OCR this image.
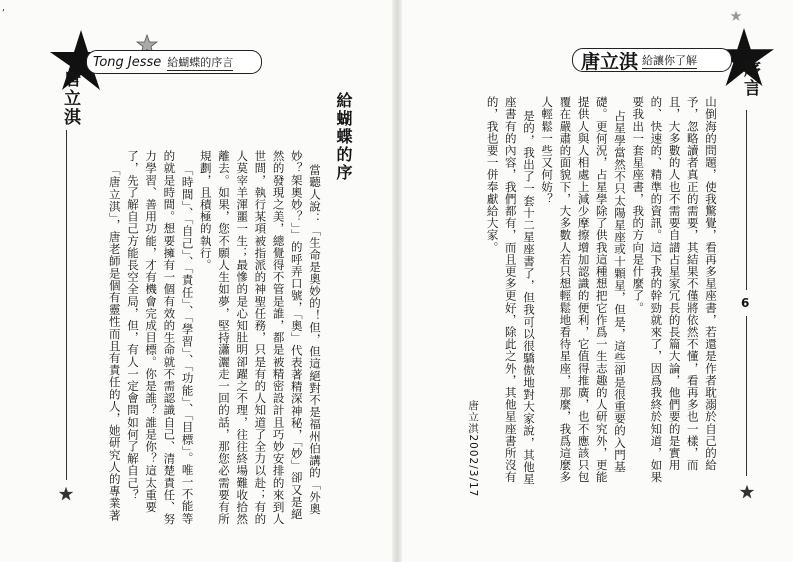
,
Tong Jesse 給蝴蝶的序言
唐立淇	給蝴蝶的序

當聽人說：「生命是奧妙的！但，但這絕對不是福州伯講的「外奧妙？架奧妙？」」的呼弄口號，「奧」代表著精深神秘，「妙」卻又是絕然的發現之美，總覺得不管是誰，都是被精密設計且巧妙安排的來到人世間，執行某項被指派的神聖任務，只是有的人知道了全力以赴；有的人莫宰羊渾噩一生；最慘的是心知肚明卻躍之不理，往往終場難收拾然離去。如果，您不願人生如夢，堅持瀟灑走一回的話，那您必需要有所規劃，且積極的執行。

「時間」、「自己」、「責任」、「學習」、「功能」、「目標」。唯一不能等的就是時間。想要擁有一個有效的生命就不需認識自己、清楚責任、努力學習、善用功能，才有機會完成目標。你是誰？誰是你？這太重要了，先了解自己方能長空全局，但，有人一定會問如何了解自己？

「唐立淇」，唐老師是個有靈性而且有責任的人，她研究人的專業著

唐立淇 給讓你了解	序言
6

山倒海的問題，使我驚覺，看再多星座書，若還是作者耽溺於自己的給予，忽略讀者真正的需要，其結果不僅將依然不懂，看再多也一樣，而且，大多數的人也不需要自譜占星家冗長的長篇大論，他們要的是實用的、快速的、精準的資訊。這下我的幹勁就來了，因爲我終於知道，如果要我出一套星座書，我的方向是什麼了。

占星學當然不只太陽星座或十顆星，但是，這些卻是很重要的入門基礎。更何況，占星學除了供我這種想把它作爲一生志趣的人研究外，更能提供人與人相處上減少摩擦增加認識的便利，它值得推廣，也不應該只包覆在嚴肅的面貌下，大多數人若只想輕鬆地看待星座，那麼，我爲這麼多人輕鬆一些又何妨？

是的，我出了一套十二星座書了，但我可以很驕傲地對大家說，其他星座書有的內容，我們都有，而且更多更好，除此之外，其他星座書所沒有的，我也要一併奉獻給大家。

唐立淇2002/3/17
